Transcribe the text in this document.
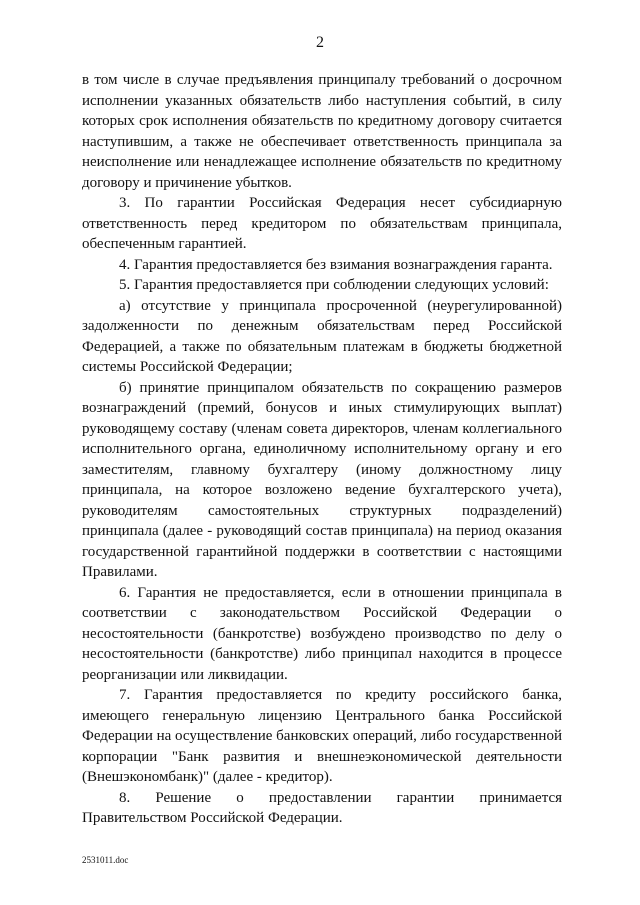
2

в том числе в случае предъявления принципалу требований о досрочном исполнении указанных обязательств либо наступления событий, в силу которых срок исполнения обязательств по кредитному договору считается наступившим, а также не обеспечивает ответственность принципала за неисполнение или ненадлежащее исполнение обязательств по кредитному договору и причинение убытков.

3. По гарантии Российская Федерация несет субсидиарную ответственность перед кредитором по обязательствам принципала, обеспеченным гарантией.

4. Гарантия предоставляется без взимания вознаграждения гаранта.

5. Гарантия предоставляется при соблюдении следующих условий:

а) отсутствие у принципала просроченной (неурегулированной) задолженности по денежным обязательствам перед Российской Федерацией, а также по обязательным платежам в бюджеты бюджетной системы Российской Федерации;

б) принятие принципалом обязательств по сокращению размеров вознаграждений (премий, бонусов и иных стимулирующих выплат) руководящему составу (членам совета директоров, членам коллегиального исполнительного органа, единоличному исполнительному органу и его заместителям, главному бухгалтеру (иному должностному лицу принципала, на которое возложено ведение бухгалтерского учета), руководителям самостоятельных структурных подразделений) принципала (далее - руководящий состав принципала) на период оказания государственной гарантийной поддержки в соответствии с настоящими Правилами.

6. Гарантия не предоставляется, если в отношении принципала в соответствии с законодательством Российской Федерации о несостоятельности (банкротстве) возбуждено производство по делу о несостоятельности (банкротстве) либо принципал находится в процессе реорганизации или ликвидации.

7. Гарантия предоставляется по кредиту российского банка, имеющего генеральную лицензию Центрального банка Российской Федерации на осуществление банковских операций, либо государственной корпорации "Банк развития и внешнеэкономической деятельности (Внешэкономбанк)" (далее - кредитор).

8. Решение о предоставлении гарантии принимается Правительством Российской Федерации.

2531011.doc
